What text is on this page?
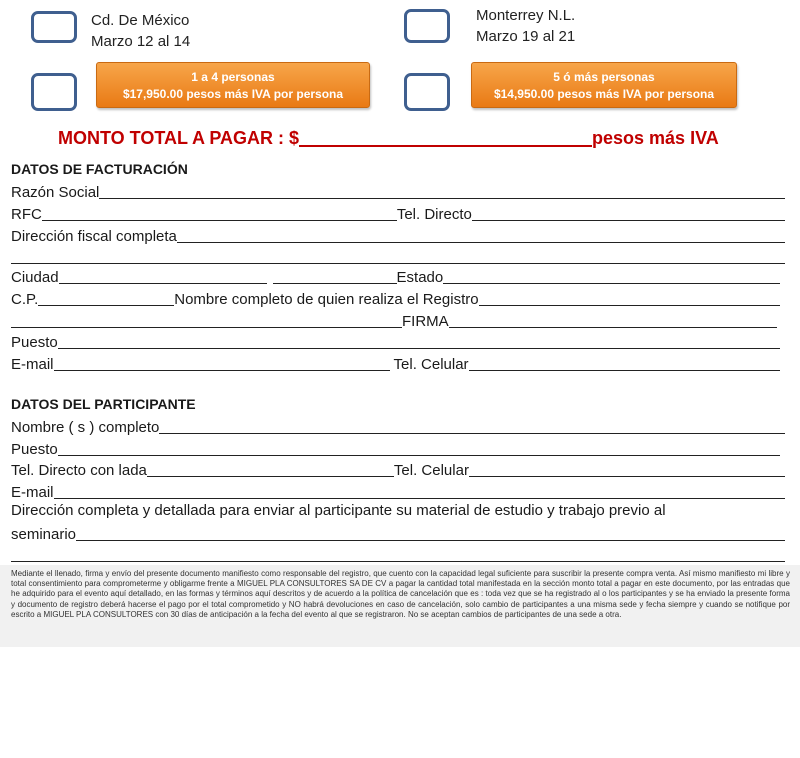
Cd. De México
Marzo 12 al 14
Monterrey N.L.
Marzo 19 al 21
1 a 4 personas
$17,950.00 pesos más IVA por persona
5 ó más personas
$14,950.00 pesos más IVA por persona
MONTO TOTAL A PAGAR : $	pesos más IVA
DATOS DE FACTURACIÓN
Razón Social
RFC	Tel. Directo
Dirección fiscal completa
Ciudad	Estado
C.P.	Nombre completo de quien realiza el Registro
FIRMA
Puesto
E-mail	Tel. Celular
DATOS DEL PARTICIPANTE
Nombre ( s ) completo
Puesto
Tel. Directo con lada	Tel. Celular
E-mail
Dirección completa y detallada para enviar al participante su material de estudio y trabajo previo al
seminario
Mediante el llenado, firma y envío del presente documento manifiesto como responsable del registro, que cuento con la capacidad legal suficiente para suscribir la presente compra venta. Así mismo manifiesto mi libre y total consentimiento para comprometerme y obligarme frente a MIGUEL PLA CONSULTORES SA DE CV a pagar la cantidad total manifestada en la sección monto total a pagar en este documento, por las entradas que he adquirido para el evento aquí detallado, en las formas y términos aquí descritos y de acuerdo a la política de cancelación que es : toda vez que se ha registrado al o los participantes y se ha enviado la presente forma y documento de registro deberá hacerse el pago por el total comprometido y NO habrá devoluciones en caso de cancelación, solo cambio de participantes a una misma sede y fecha siempre y cuando se notifique por escrito a MIGUEL PLA CONSULTORES con 30 días de anticipación a la fecha del evento al que se registraron. No se aceptan cambios de participantes de una sede a otra.
